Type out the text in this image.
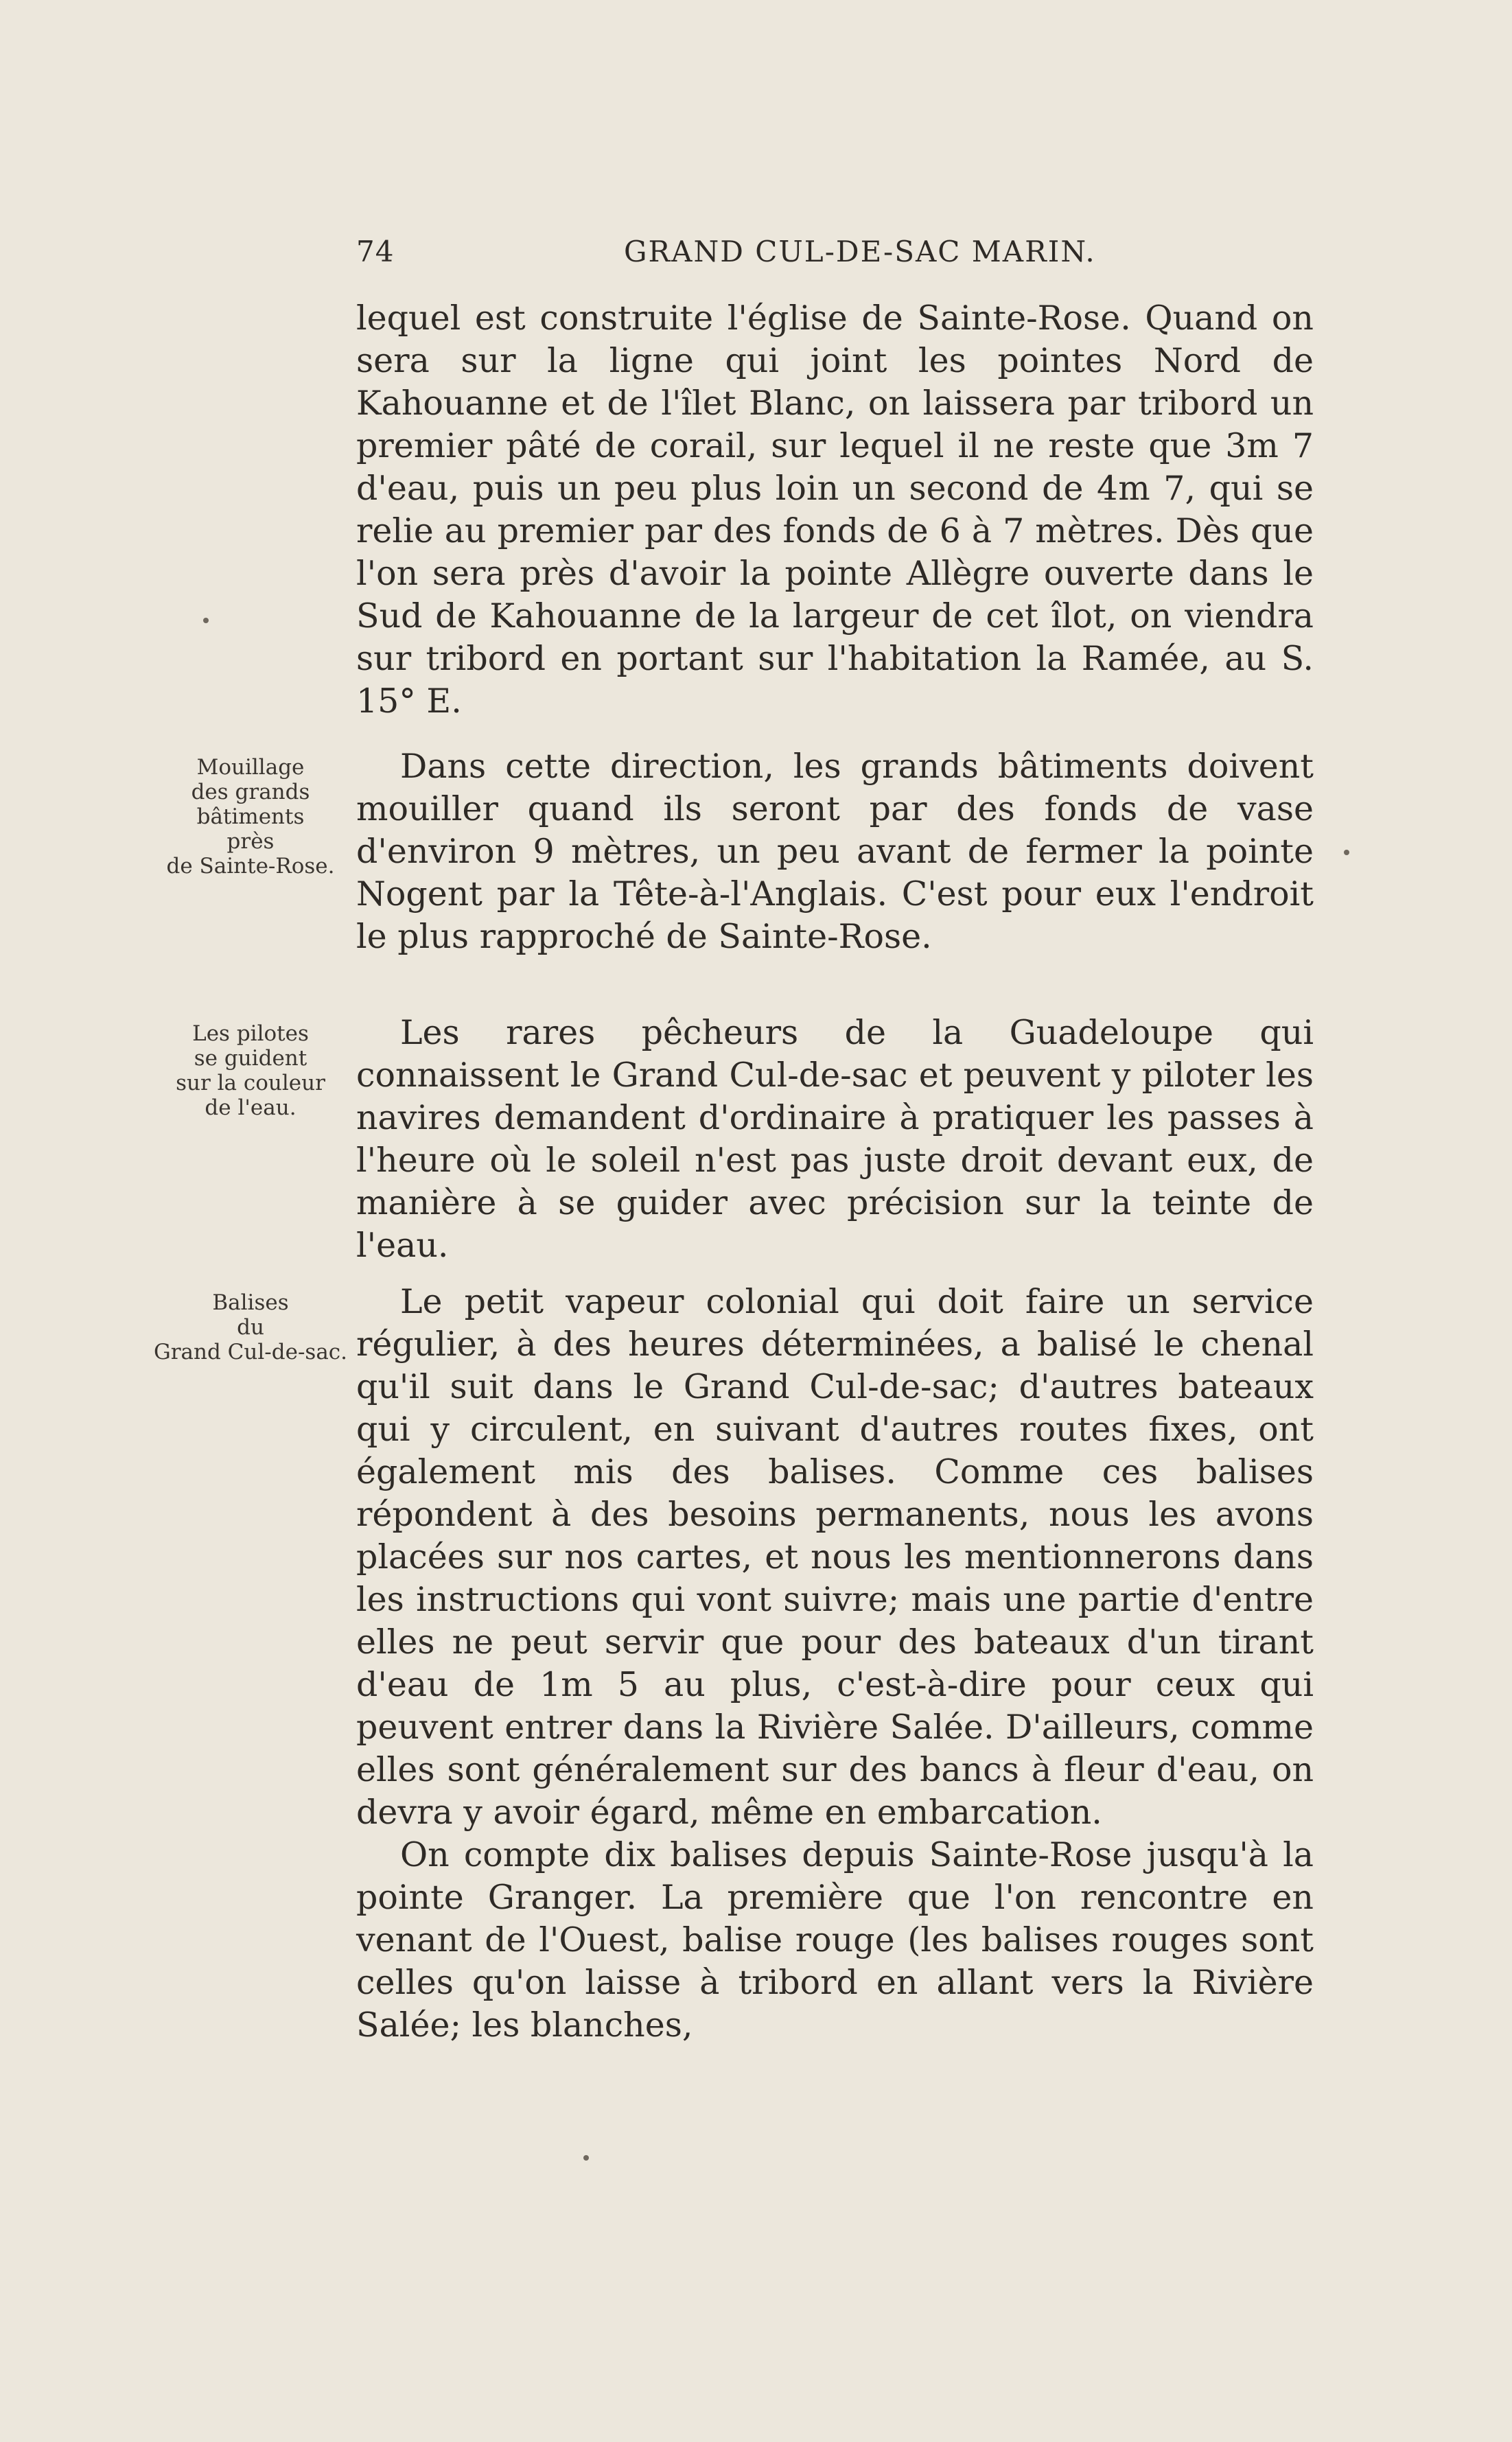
74	GRAND CUL-DE-SAC MARIN.

lequel est construite l'église de Sainte-Rose. Quand on sera sur la ligne qui joint les pointes Nord de Kahouanne et de l'îlet Blanc, on laissera par tribord un premier pâté de corail, sur lequel il ne reste que 3m 7 d'eau, puis un peu plus loin un second de 4m 7, qui se relie au premier par des fonds de 6 à 7 mètres. Dès que l'on sera près d'avoir la pointe Allègre ouverte dans le Sud de Kahouanne de la largeur de cet îlot, on viendra sur tribord en portant sur l'habitation la Ramée, au S. 15° E.

Mouillage
des grands
bâtiments
près
de Sainte-Rose.

Dans cette direction, les grands bâtiments doivent mouiller quand ils seront par des fonds de vase d'environ 9 mètres, un peu avant de fermer la pointe Nogent par la Tête-à-l'Anglais. C'est pour eux l'endroit le plus rapproché de Sainte-Rose.

Les pilotes
se guident
sur la couleur
de l'eau.

Les rares pêcheurs de la Guadeloupe qui connaissent le Grand Cul-de-sac et peuvent y piloter les navires demandent d'ordinaire à pratiquer les passes à l'heure où le soleil n'est pas juste droit devant eux, de manière à se guider avec précision sur la teinte de l'eau.

Balises
du
Grand Cul-de-sac.

Le petit vapeur colonial qui doit faire un service régulier, à des heures déterminées, a balisé le chenal qu'il suit dans le Grand Cul-de-sac; d'autres bateaux qui y circulent, en suivant d'autres routes fixes, ont également mis des balises. Comme ces balises répondent à des besoins permanents, nous les avons placées sur nos cartes, et nous les mentionnerons dans les instructions qui vont suivre; mais une partie d'entre elles ne peut servir que pour des bateaux d'un tirant d'eau de 1m 5 au plus, c'est-à-dire pour ceux qui peuvent entrer dans la Rivière Salée. D'ailleurs, comme elles sont généralement sur des bancs à fleur d'eau, on devra y avoir égard, même en embarcation.

On compte dix balises depuis Sainte-Rose jusqu'à la pointe Granger. La première que l'on rencontre en venant de l'Ouest, balise rouge (les balises rouges sont celles qu'on laisse à tribord en allant vers la Rivière Salée; les blanches,
